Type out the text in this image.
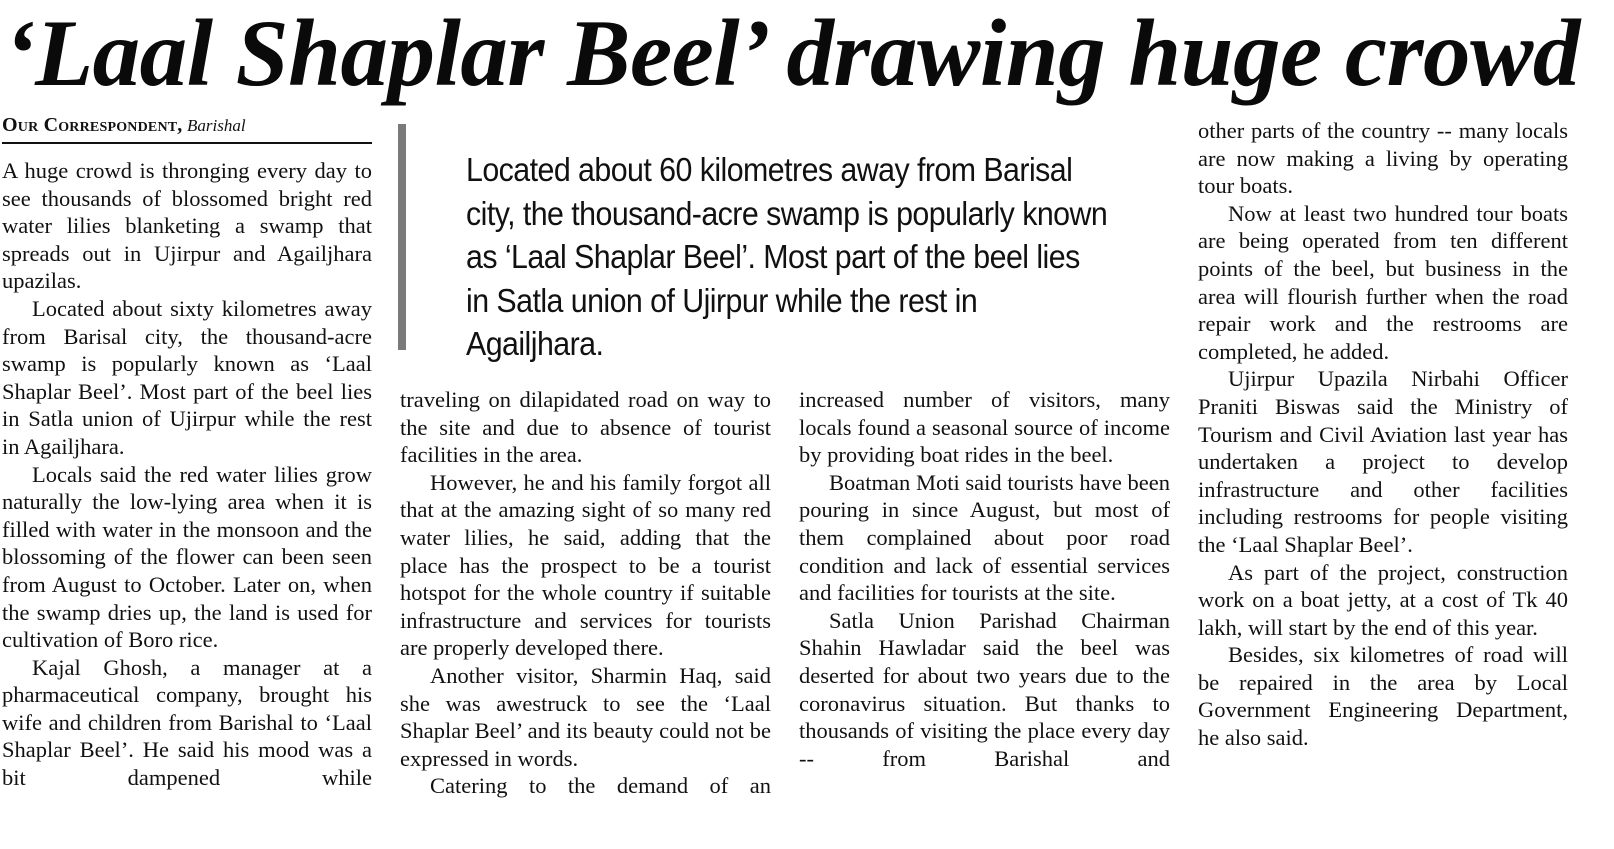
‘Laal Shaplar Beel’ drawing huge crowd
Our Correspondent, Barishal

A huge crowd is thronging every day to see thousands of blossomed bright red water lilies blanketing a swamp that spreads out in Ujirpur and Agailjhara upazilas.

Located about sixty kilometres away from Barisal city, the thousand-acre swamp is popularly known as ‘Laal Shaplar Beel’. Most part of the beel lies in Satla union of Ujirpur while the rest in Agailjhara.

Locals said the red water lilies grow naturally the low-lying area when it is filled with water in the monsoon and the blossoming of the flower can been seen from August to October. Later on, when the swamp dries up, the land is used for cultivation of Boro rice.

Kajal Ghosh, a manager at a pharmaceutical company, brought his wife and children from Barishal to ‘Laal Shaplar Beel’. He said his mood was a bit dampened while

Located about 60 kilometres away from Barisal city, the thousand-acre swamp is popularly known as ‘Laal Shaplar Beel’. Most part of the beel lies in Satla union of Ujirpur while the rest in Agailjhara.

traveling on dilapidated road on way to the site and due to absence of tourist facilities in the area.

However, he and his family forgot all that at the amazing sight of so many red water lilies, he said, adding that the place has the prospect to be a tourist hotspot for the whole country if suitable infrastructure and services for tourists are properly developed there.

Another visitor, Sharmin Haq, said she was awestruck to see the ‘Laal Shaplar Beel’ and its beauty could not be expressed in words.

Catering to the demand of an

increased number of visitors, many locals found a seasonal source of income by providing boat rides in the beel.

Boatman Moti said tourists have been pouring in since August, but most of them complained about poor road condition and lack of essential services and facilities for tourists at the site.

Satla Union Parishad Chairman Shahin Hawladar said the beel was deserted for about two years due to the coronavirus situation. But thanks to thousands of visiting the place every day -- from Barishal and

other parts of the country -- many locals are now making a living by operating tour boats.

Now at least two hundred tour boats are being operated from ten different points of the beel, but business in the area will flourish further when the road repair work and the restrooms are completed, he added.

Ujirpur Upazila Nirbahi Officer Praniti Biswas said the Ministry of Tourism and Civil Aviation last year has undertaken a project to develop infrastructure and other facilities including restrooms for people visiting the ‘Laal Shaplar Beel’.

As part of the project, construction work on a boat jetty, at a cost of Tk 40 lakh, will start by the end of this year.

Besides, six kilometres of road will be repaired in the area by Local Government Engineering Department, he also said.
